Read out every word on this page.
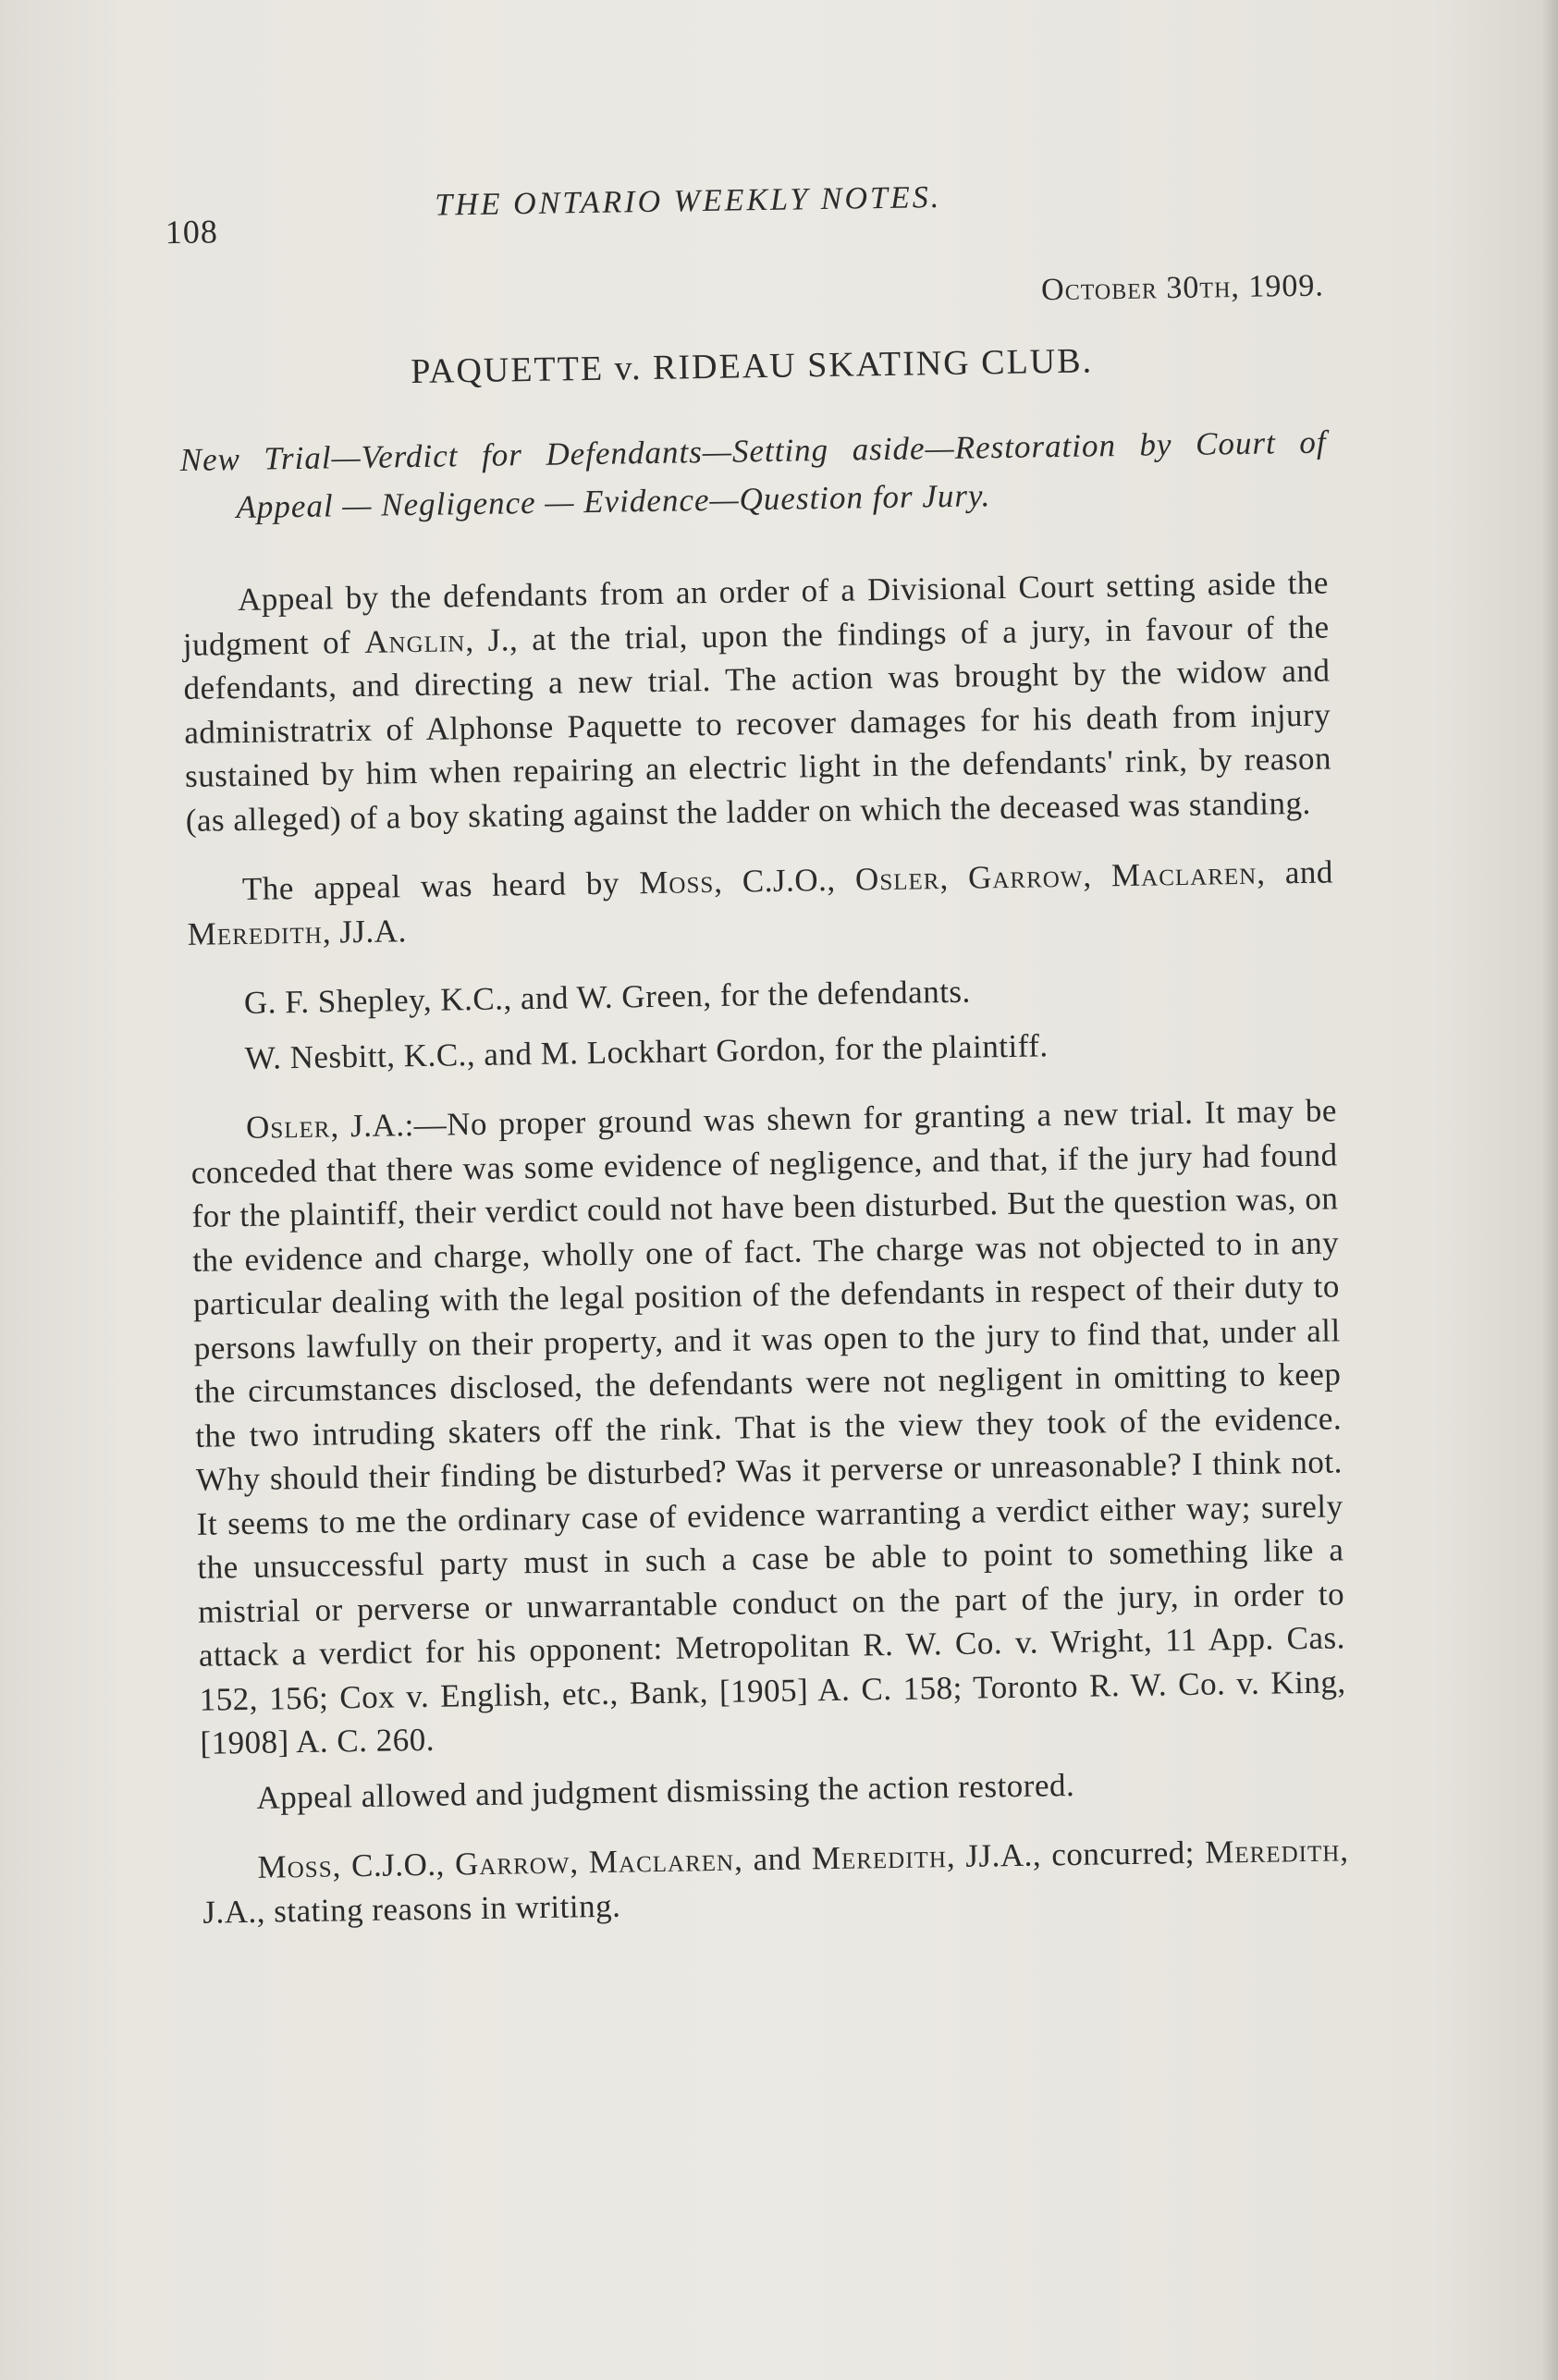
108
THE ONTARIO WEEKLY NOTES.
October 30th, 1909.
PAQUETTE v. RIDEAU SKATING CLUB.
New Trial—Verdict for Defendants—Setting aside—Restoration by Court of Appeal — Negligence — Evidence—Question for Jury.

Appeal by the defendants from an order of a Divisional Court setting aside the judgment of Anglin, J., at the trial, upon the findings of a jury, in favour of the defendants, and directing a new trial. The action was brought by the widow and administratrix of Alphonse Paquette to recover damages for his death from injury sustained by him when repairing an electric light in the defendants' rink, by reason (as alleged) of a boy skating against the ladder on which the deceased was standing.

The appeal was heard by Moss, C.J.O., Osler, Garrow, Maclaren, and Meredith, JJ.A.

G. F. Shepley, K.C., and W. Green, for the defendants.

W. Nesbitt, K.C., and M. Lockhart Gordon, for the plaintiff.

Osler, J.A.:—No proper ground was shewn for granting a new trial. It may be conceded that there was some evidence of negligence, and that, if the jury had found for the plaintiff, their verdict could not have been disturbed. But the question was, on the evidence and charge, wholly one of fact. The charge was not objected to in any particular dealing with the legal position of the defendants in respect of their duty to persons lawfully on their property, and it was open to the jury to find that, under all the circumstances disclosed, the defendants were not negligent in omitting to keep the two intruding skaters off the rink. That is the view they took of the evidence. Why should their finding be disturbed? Was it perverse or unreasonable? I think not. It seems to me the ordinary case of evidence warranting a verdict either way; surely the unsuccessful party must in such a case be able to point to something like a mistrial or perverse or unwarrantable conduct on the part of the jury, in order to attack a verdict for his opponent: Metropolitan R. W. Co. v. Wright, 11 App. Cas. 152, 156; Cox v. English, etc., Bank, [1905] A. C. 158; Toronto R. W. Co. v. King, [1908] A. C. 260.

Appeal allowed and judgment dismissing the action restored.

Moss, C.J.O., Garrow, Maclaren, and Meredith, JJ.A., concurred; Meredith, J.A., stating reasons in writing.
